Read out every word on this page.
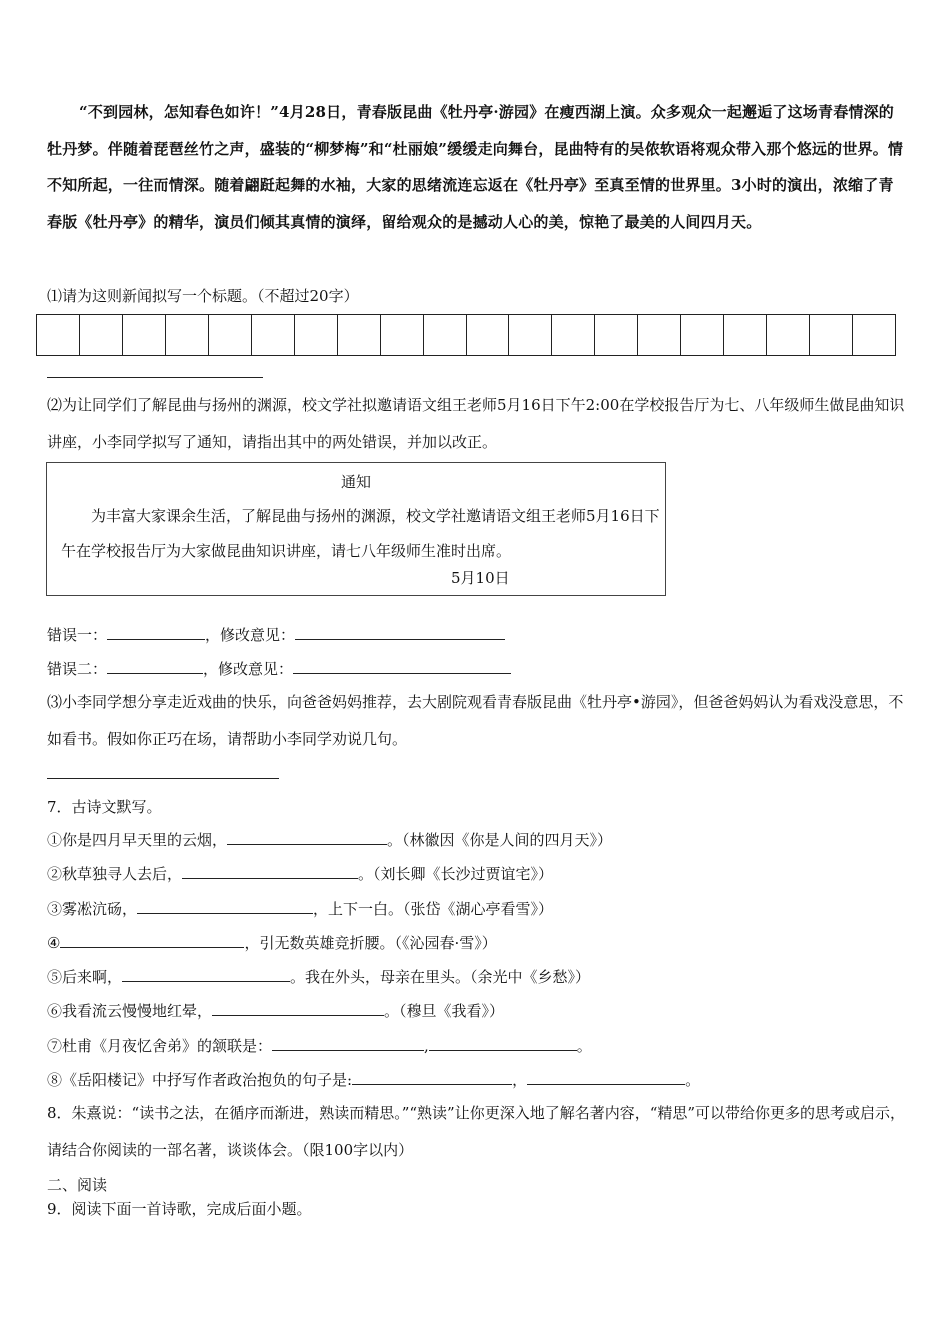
“不到园林，怎知春色如许！”4月28日，青春版昆曲《牡丹亭·游园》在瘦西湖上演。众多观众一起邂逅了这场青春情深的牡丹梦。伴随着琵琶丝竹之声，盛装的“柳梦梅”和“杜丽娘”缓缓走向舞台，昆曲特有的吴侬软语将观众带入那个悠远的世界。情不知所起，一往而情深。随着翩跹起舞的水袖，大家的思绪流连忘返在《牡丹亭》至真至情的世界里。3小时的演出，浓缩了青春版《牡丹亭》的精华，演员们倾其真情的演绎，留给观众的是撼动人心的美，惊艳了最美的人间四月天。
⑴请为这则新闻拟写一个标题。（不超过20字）
⑵为让同学们了解昆曲与扬州的渊源，校文学社拟邀请语文组王老师5月16日下午2:00在学校报告厅为七、八年级师生做昆曲知识讲座，小李同学拟写了通知，请指出其中的两处错误，并加以改正。
通知
为丰富大家课余生活，了解昆曲与扬州的渊源，校文学社邀请语文组王老师5月16日下午在学校报告厅为大家做昆曲知识讲座，请七八年级师生准时出席。
5月10日
错误一：	，修改意见：
错误二：	，修改意见：
⑶小李同学想分享走近戏曲的快乐，向爸爸妈妈推荐，去大剧院观看青春版昆曲《牡丹亭•游园》，但爸爸妈妈认为看戏没意思，不如看书。假如你正巧在场，请帮助小李同学劝说几句。
7．古诗文默写。
①你是四月早天里的云烟，	。（林徽因《你是人间的四月天》）
②秋草独寻人去后，	。（刘长卿《长沙过贾谊宅》）
③雾凇沆砀，	，上下一白。（张岱《湖心亭看雪》）
④	，引无数英雄竞折腰。（《沁园春·雪》）
⑤后来啊，	。我在外头，母亲在里头。（余光中《乡愁》）
⑥我看流云慢慢地红晕，	。（穆旦《我看》）
⑦杜甫《月夜忆舍弟》的颔联是：	,	。
⑧《岳阳楼记》中抒写作者政治抱负的句子是:	，	。
8．朱熹说：“读书之法，在循序而渐进，熟读而精思。”“熟读”让你更深入地了解名著内容，“精思”可以带给你更多的思考或启示，请结合你阅读的一部名著，谈谈体会。（限100字以内）
二、阅读
9．阅读下面一首诗歌，完成后面小题。
